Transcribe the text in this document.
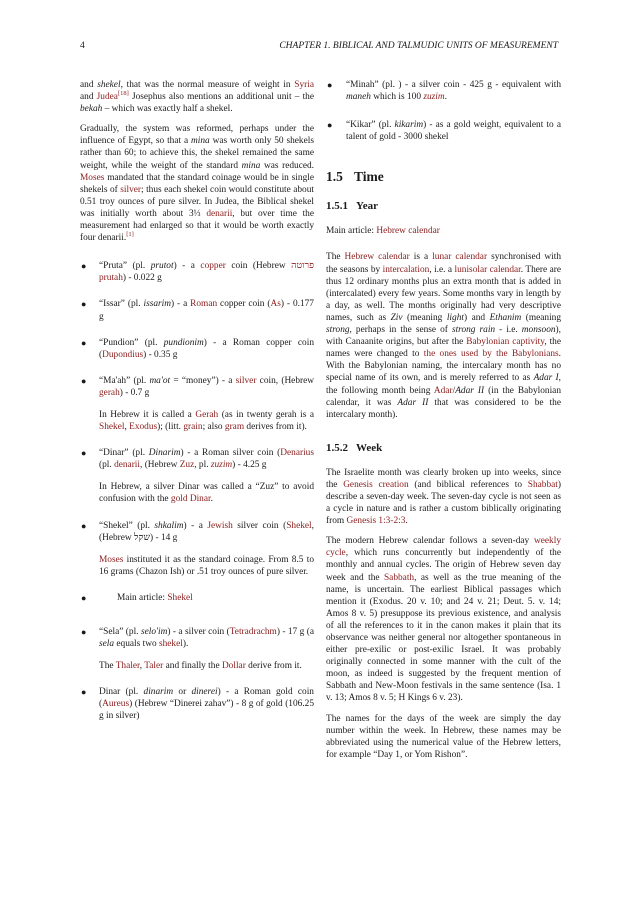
4	CHAPTER 1. BIBLICAL AND TALMUDIC UNITS OF MEASUREMENT

and shekel, that was the normal measure of weight in Syria and Judea[18] Josephus also mentions an additional unit – the bekah – which was exactly half a shekel.

Gradually, the system was reformed, perhaps under the influence of Egypt, so that a mina was worth only 50 shekels rather than 60; to achieve this, the shekel remained the same weight, while the weight of the standard mina was reduced. Moses mandated that the standard coinage would be in single shekels of silver; thus each shekel coin would constitute about 0.51 troy ounces of pure silver. In Judea, the Biblical shekel was initially worth about 3⅓ denarii, but over time the measurement had enlarged so that it would be worth exactly four denarii.[1]

● “Pruta” (pl. prutot) - a copper coin (Hebrew פרוטה prutah) - 0.022 g
● “Issar” (pl. issarim) - a Roman copper coin (As) - 0.177 g
● “Pundion” (pl. pundionim) - a Roman copper coin (Dupondius) - 0.35 g
● “Ma'ah” (pl. ma'ot = “money”) - a silver coin, (Hebrew gerah) - 0.7 g
In Hebrew it is called a Gerah (as in twenty gerah is a Shekel, Exodus); (litt. grain; also gram derives from it).
● “Dinar” (pl. Dinarim) - a Roman silver coin (Denarius (pl. denarii, (Hebrew Zuz, pl. zuzim) - 4.25 g
In Hebrew, a silver Dinar was called a “Zuz” to avoid confusion with the gold Dinar.
● “Shekel” (pl. shkalim) - a Jewish silver coin (Shekel, (Hebrew שקל) - 14 g
Moses instituted it as the standard coinage. From 8.5 to 16 grams (Chazon Ish) or .51 troy ounces of pure silver.
●	Main article: Shekel
● “Sela” (pl. selo'im) - a silver coin (Tetradrachm) - 17 g (a sela equals two shekel).
The Thaler, Taler and finally the Dollar derive from it.
● Dinar (pl. dinarim or dinerei) - a Roman gold coin (Aureus) (Hebrew “Dinerei zahav”) - 8 g of gold (106.25 g in silver)
● “Minah” (pl. ) - a silver coin - 425 g - equivalent with maneh which is 100 zuzim.
● “Kikar” (pl. kikarim) - as a gold weight, equivalent to a talent of gold - 3000 shekel
1.5 Time
1.5.1 Year

Main article: Hebrew calendar

The Hebrew calendar is a lunar calendar synchronised with the seasons by intercalation, i.e. a lunisolar calendar. There are thus 12 ordinary months plus an extra month that is added in (intercalated) every few years. Some months vary in length by a day, as well. The months originally had very descriptive names, such as Ziv (meaning light) and Ethanim (meaning strong, perhaps in the sense of strong rain - i.e. monsoon), with Canaanite origins, but after the Babylonian captivity, the names were changed to the ones used by the Babylonians. With the Babylonian naming, the intercalary month has no special name of its own, and is merely referred to as Adar I, the following month being Adar/Adar II (in the Babylonian calendar, it was Adar II that was considered to be the intercalary month).

1.5.2 Week

The Israelite month was clearly broken up into weeks, since the Genesis creation (and biblical references to Shabbat) describe a seven-day week. The seven-day cycle is not seen as a cycle in nature and is rather a custom biblically originating from Genesis 1:3-2:3.

The modern Hebrew calendar follows a seven-day weekly cycle, which runs concurrently but independently of the monthly and annual cycles. The origin of Hebrew seven day week and the Sabbath, as well as the true meaning of the name, is uncertain. The earliest Biblical passages which mention it (Exodus. 20 v. 10; and 24 v. 21; Deut. 5. v. 14; Amos 8 v. 5) presuppose its previous existence, and analysis of all the references to it in the canon makes it plain that its observance was neither general nor altogether spontaneous in either pre-exilic or post-exilic Israel. It was probably originally connected in some manner with the cult of the moon, as indeed is suggested by the frequent mention of Sabbath and New-Moon festivals in the same sentence (Isa. 1 v. 13; Amos 8 v. 5; H Kings 6 v. 23).

The names for the days of the week are simply the day number within the week. In Hebrew, these names may be abbreviated using the numerical value of the Hebrew letters, for example “Day 1, or Yom Rishon”.
